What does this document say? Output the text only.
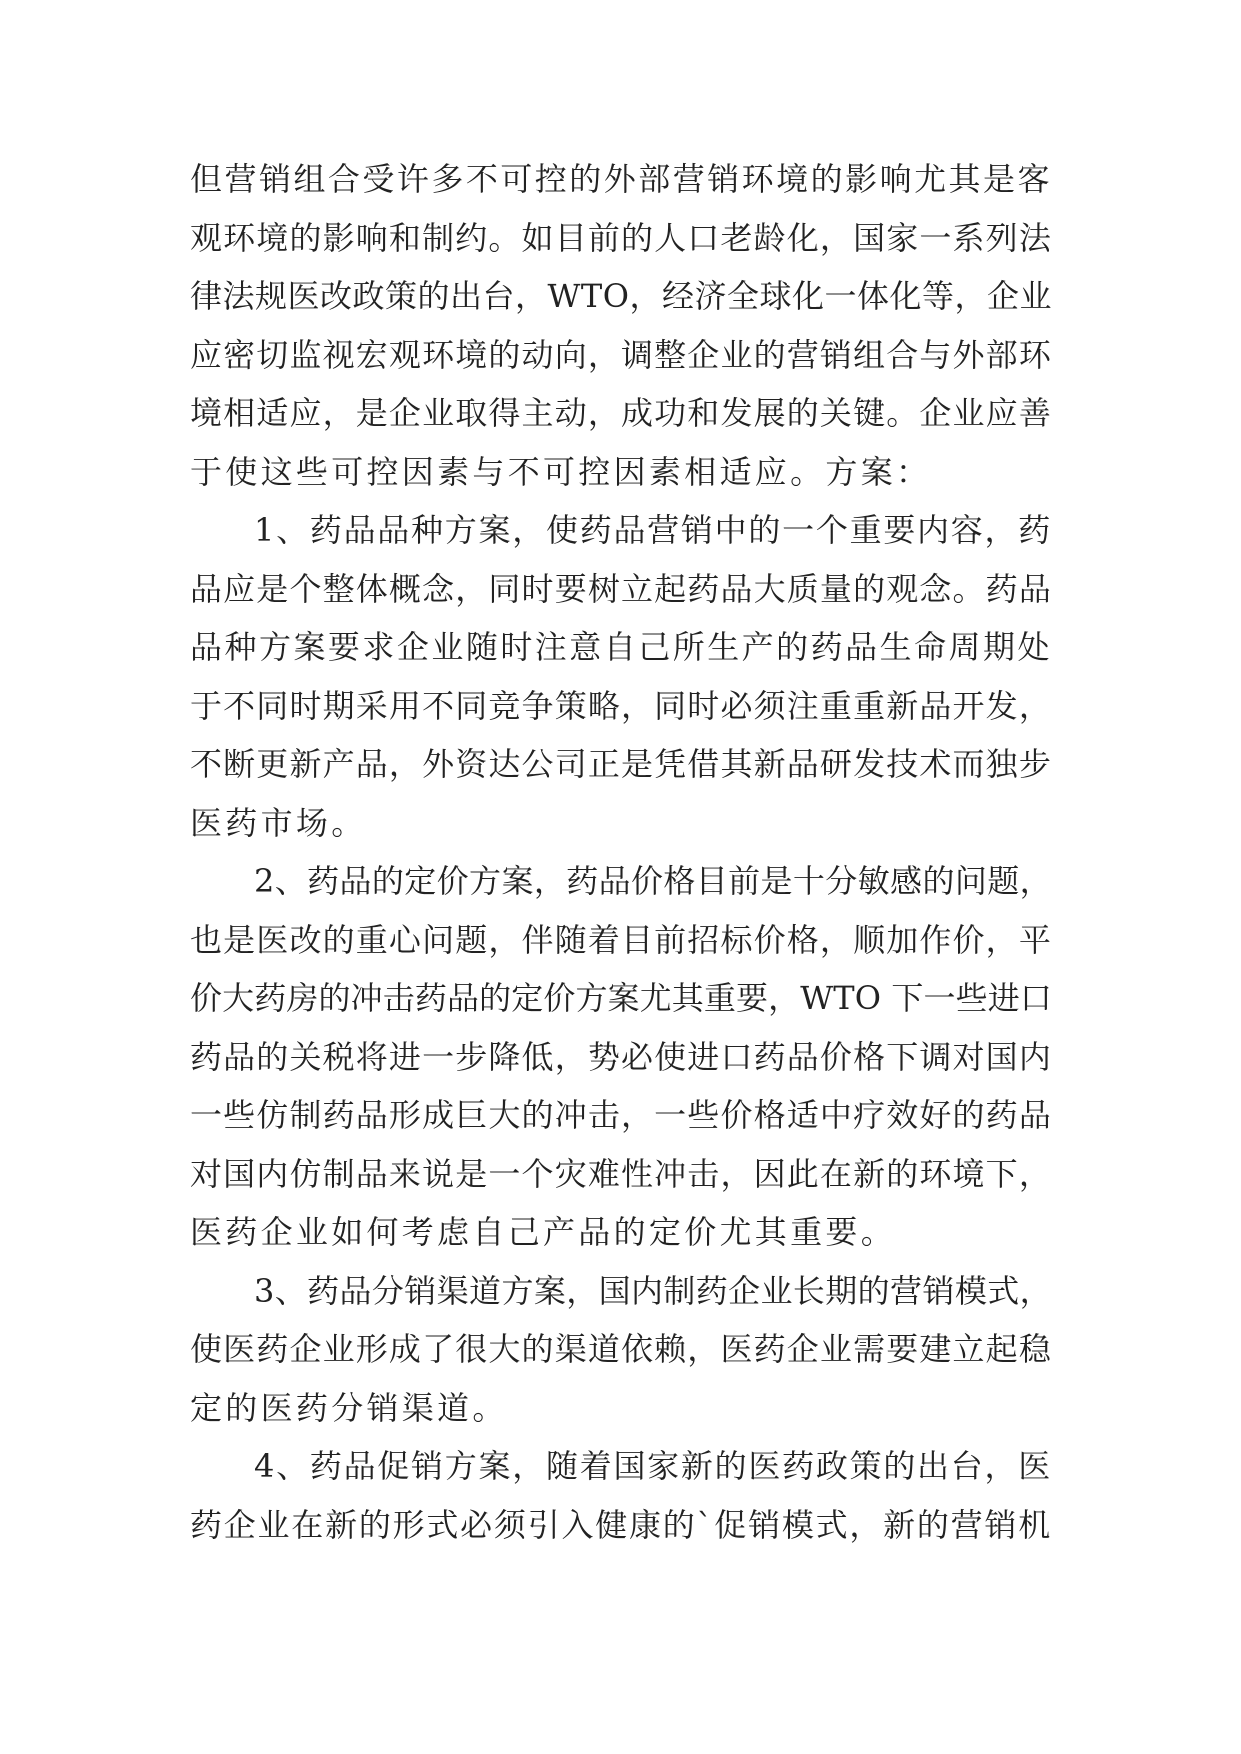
但营销组合受许多不可控的外部营销环境的影响尤其是客
观环境的影响和制约。如目前的人口老龄化，国家一系列法
律法规医改政策的出台，WTO，经济全球化一体化等，企业
应密切监视宏观环境的动向，调整企业的营销组合与外部环
境相适应，是企业取得主动，成功和发展的关键。企业应善
于使这些可控因素与不可控因素相适应。方案：

1、药品品种方案，使药品营销中的一个重要内容，药
品应是个整体概念，同时要树立起药品大质量的观念。药品
品种方案要求企业随时注意自己所生产的药品生命周期处
于不同时期采用不同竞争策略，同时必须注重重新品开发，
不断更新产品，外资达公司正是凭借其新品研发技术而独步
医药市场。

2、药品的定价方案，药品价格目前是十分敏感的问题，
也是医改的重心问题，伴随着目前招标价格，顺加作价，平
价大药房的冲击药品的定价方案尤其重要，WTO 下一些进口
药品的关税将进一步降低，势必使进口药品价格下调对国内
一些仿制药品形成巨大的冲击，一些价格适中疗效好的药品
对国内仿制品来说是一个灾难性冲击，因此在新的环境下，
医药企业如何考虑自己产品的定价尤其重要。

3、药品分销渠道方案，国内制药企业长期的营销模式，
使医药企业形成了很大的渠道依赖，医药企业需要建立起稳
定的医药分销渠道。

4、药品促销方案，随着国家新的医药政策的出台，医
药企业在新的形式必须引入健康的`促销模式，新的营销机
